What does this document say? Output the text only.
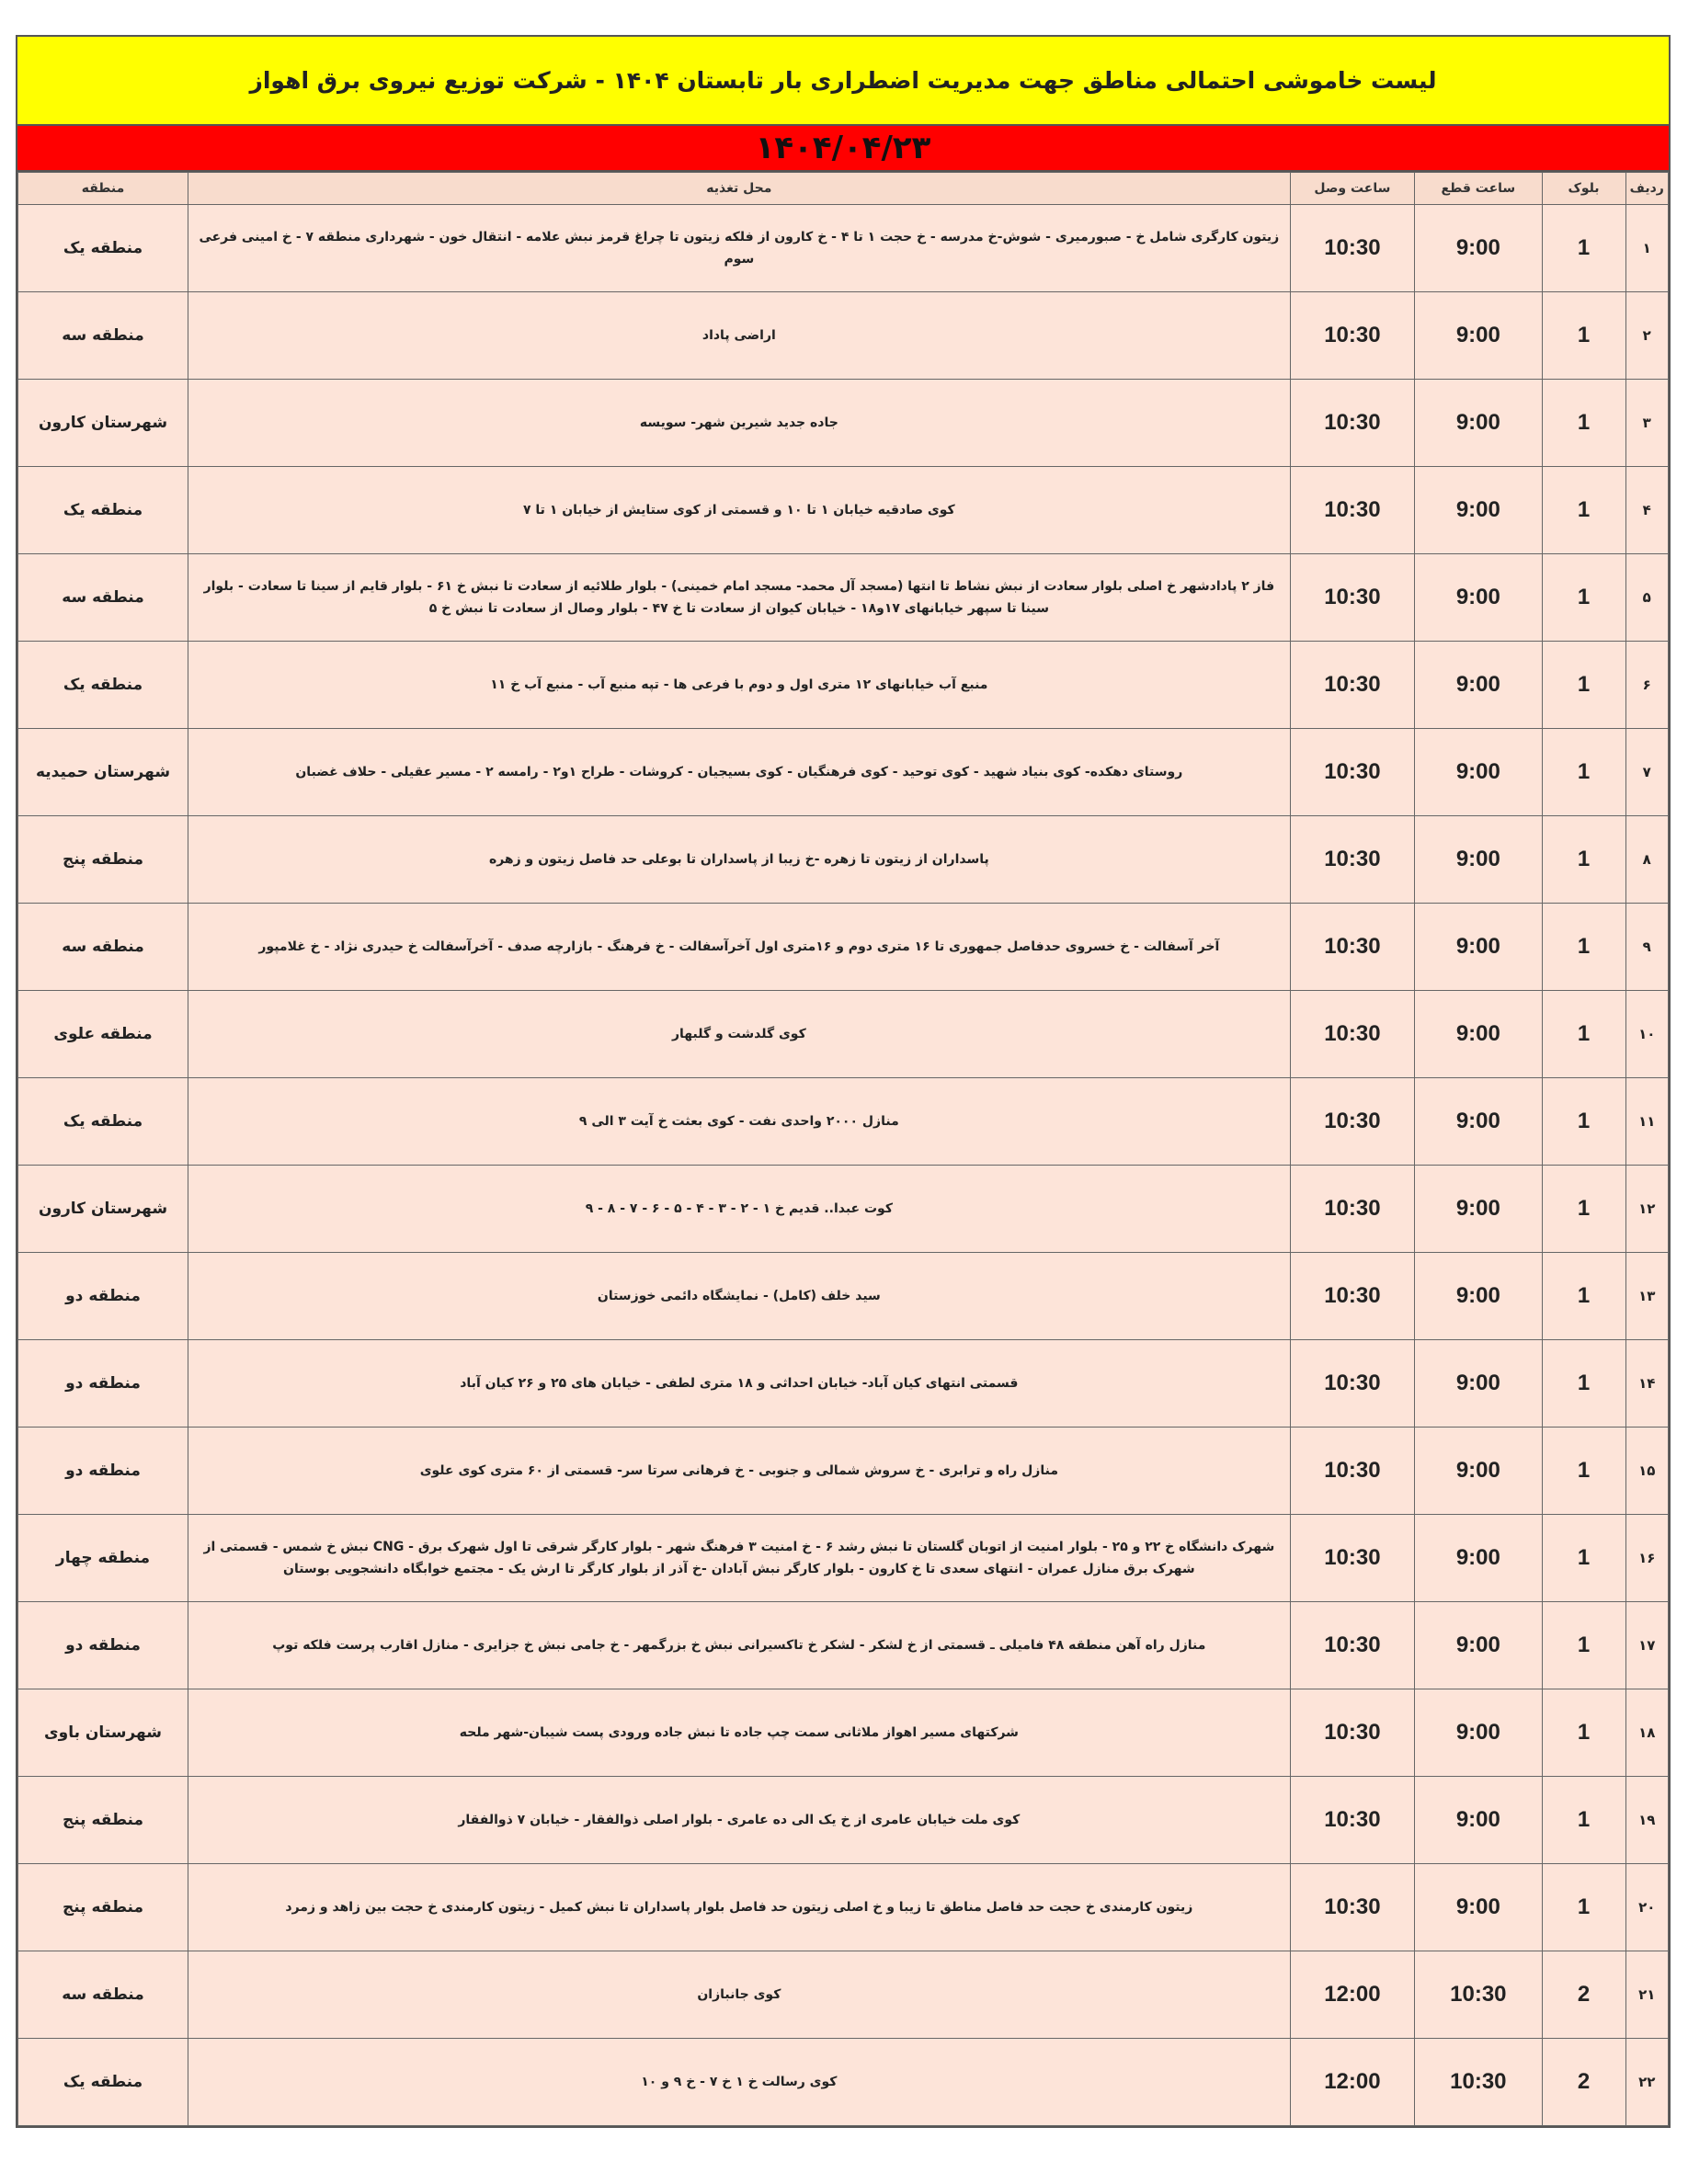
لیست خاموشی احتمالی مناطق جهت مدیریت اضطراری بار تابستان ۱۴۰۴ - شرکت توزیع نیروی برق اهواز
۱۴۰۴/۰۴/۲۳
ردیف	بلوک	ساعت قطع	ساعت وصل	محل تغذیه	منطقه
۱	1	9:00	10:30	زیتون کارگری شامل خ - صبورمیری - شوش-خ مدرسه - خ حجت ۱ تا ۴ - خ کارون از فلکه زیتون تا چراغ قرمز نبش علامه - انتقال خون - شهرداری منطقه ۷ - خ امینی فرعی سوم	منطقه یک
۲	1	9:00	10:30	اراضی پاداد	منطقه سه
۳	1	9:00	10:30	جاده جدید شیرین شهر- سویسه	شهرستان کارون
۴	1	9:00	10:30	کوی صادقیه خیابان ۱ تا ۱۰ و قسمتی از کوی ستایش از خیابان ۱ تا ۷	منطقه یک
۵	1	9:00	10:30	فاز ۲ پادادشهر خ اصلی بلوار سعادت از نبش نشاط تا انتها (مسجد آل محمد- مسجد امام خمینی) - بلوار طلائیه از سعادت تا نبش خ ۶۱ - بلوار قایم از سینا تا سعادت - بلوار سینا تا سپهر خیابانهای ۱۷و۱۸ - خیابان کیوان از سعادت تا خ ۴۷ - بلوار وصال از سعادت تا نبش خ ۵	منطقه سه
۶	1	9:00	10:30	منبع آب خیابانهای ۱۲ متری اول و دوم با فرعی ها - تپه منبع آب - منبع آب خ ۱۱	منطقه یک
۷	1	9:00	10:30	روستای دهکده- کوی بنیاد شهید - کوی توحید - کوی فرهنگیان - کوی بسیجیان - کروشات - طراح ۱و۲ - رامسه ۲ - مسیر عقیلی - حلاف غضبان	شهرستان حمیدیه
۸	1	9:00	10:30	پاسداران از زیتون تا زهره -خ زیبا از پاسداران تا بوعلی حد فاصل زیتون و زهره	منطقه پنج
۹	1	9:00	10:30	آخر آسفالت - خ خسروی حدفاصل جمهوری تا ۱۶ متری دوم و ۱۶متری اول آخرآسفالت - خ فرهنگ - بازارچه صدف - آخرآسفالت خ حیدری نژاد - خ غلامپور	منطقه سه
۱۰	1	9:00	10:30	کوی گلدشت و گلبهار	منطقه علوی
۱۱	1	9:00	10:30	منازل ۲۰۰۰ واحدی نفت - کوی بعثت خ آیت ۳ الی ۹	منطقه یک
۱۲	1	9:00	10:30	کوت عبدا.. قدیم خ ۱ - ۲ - ۳ - ۴ - ۵ - ۶ - ۷ - ۸ - ۹	شهرستان کارون
۱۳	1	9:00	10:30	سید خلف (کامل) - نمایشگاه دائمی خوزستان	منطقه دو
۱۴	1	9:00	10:30	قسمتی انتهای کیان آباد- خیابان احداثی و ۱۸ متری لطفی - خیابان های ۲۵ و ۲۶ کیان آباد	منطقه دو
۱۵	1	9:00	10:30	منازل راه و ترابری - خ سروش شمالی و جنوبی - خ فرهانی سرتا سر- قسمتی از ۶۰ متری کوی علوی	منطقه دو
۱۶	1	9:00	10:30	شهرک دانشگاه خ ۲۲ و ۲۵ - بلوار امنیت از اتوبان گلستان تا نبش رشد ۶ - خ امنیت ۳ فرهنگ شهر - بلوار کارگر شرقی تا اول شهرک برق - CNG نبش خ شمس - قسمتی از شهرک برق منازل عمران - انتهای سعدی تا خ کارون - بلوار کارگر نبش آبادان -خ آذر از بلوار کارگر تا ارش یک - مجتمع خوابگاه دانشجویی بوستان	منطقه چهار
۱۷	1	9:00	10:30	منازل راه آهن منطقه ۴۸ فامیلی ـ قسمتی از خ لشکر - لشکر خ تاکسیرانی نبش خ بزرگمهر - خ جامی نبش خ جزایری - منازل اقارب پرست فلکه توپ	منطقه دو
۱۸	1	9:00	10:30	شرکتهای مسیر اهواز ملاثانی سمت چپ جاده تا نبش جاده ورودی پست شیبان-شهر ملحه	شهرستان باوی
۱۹	1	9:00	10:30	کوی ملت خیابان عامری از خ یک الی ده عامری - بلوار اصلی ذوالفقار - خیابان ۷ ذوالفقار	منطقه پنج
۲۰	1	9:00	10:30	زیتون کارمندی خ حجت حد فاصل مناطق تا زیبا و خ اصلی زیتون حد فاصل بلوار پاسداران تا نبش کمیل - زیتون کارمندی خ حجت بین زاهد و زمرد	منطقه پنج
۲۱	2	10:30	12:00	کوی جانبازان	منطقه سه
۲۲	2	10:30	12:00	کوی رسالت خ ۱ خ ۷ - خ ۹ و ۱۰	منطقه یک
